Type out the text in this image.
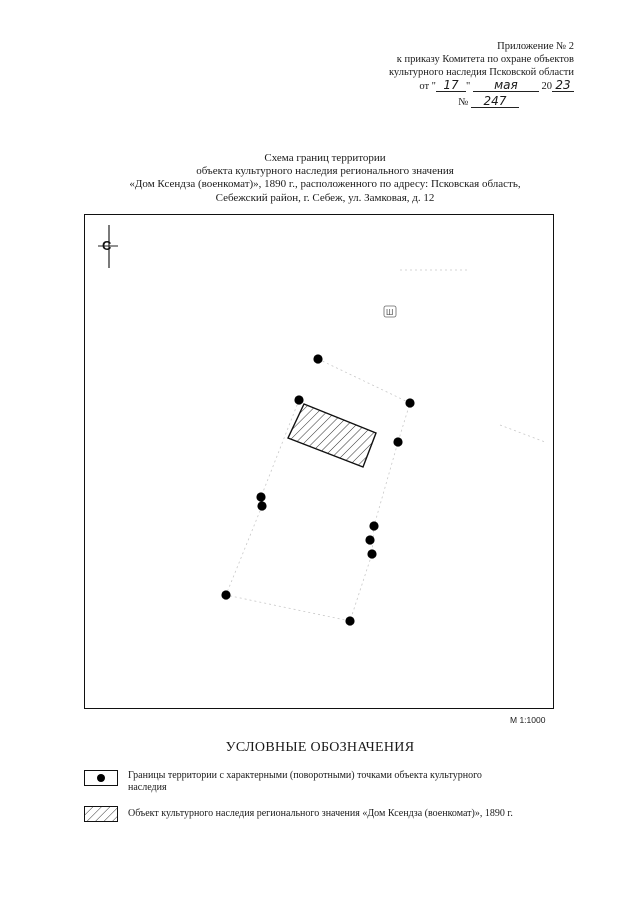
Приложение № 2
к приказу Комитета по охране объектов
культурного наследия Псковской области
от " 17 " мая 20 23
№ 247
Схема границ территории
объекта культурного наследия регионального значения
«Дом Ксендза (военкомат)», 1890 г., расположенного по адресу: Псковская область,
Себежский район, г. Себеж, ул. Замковая, д. 12
С
Ш
М 1:1000
УСЛОВНЫЕ ОБОЗНАЧЕНИЯ
Границы территории с характерными (поворотными) точками объекта культурного
наследия
Объект культурного наследия регионального значения «Дом Ксендза (военкомат)», 1890 г.
